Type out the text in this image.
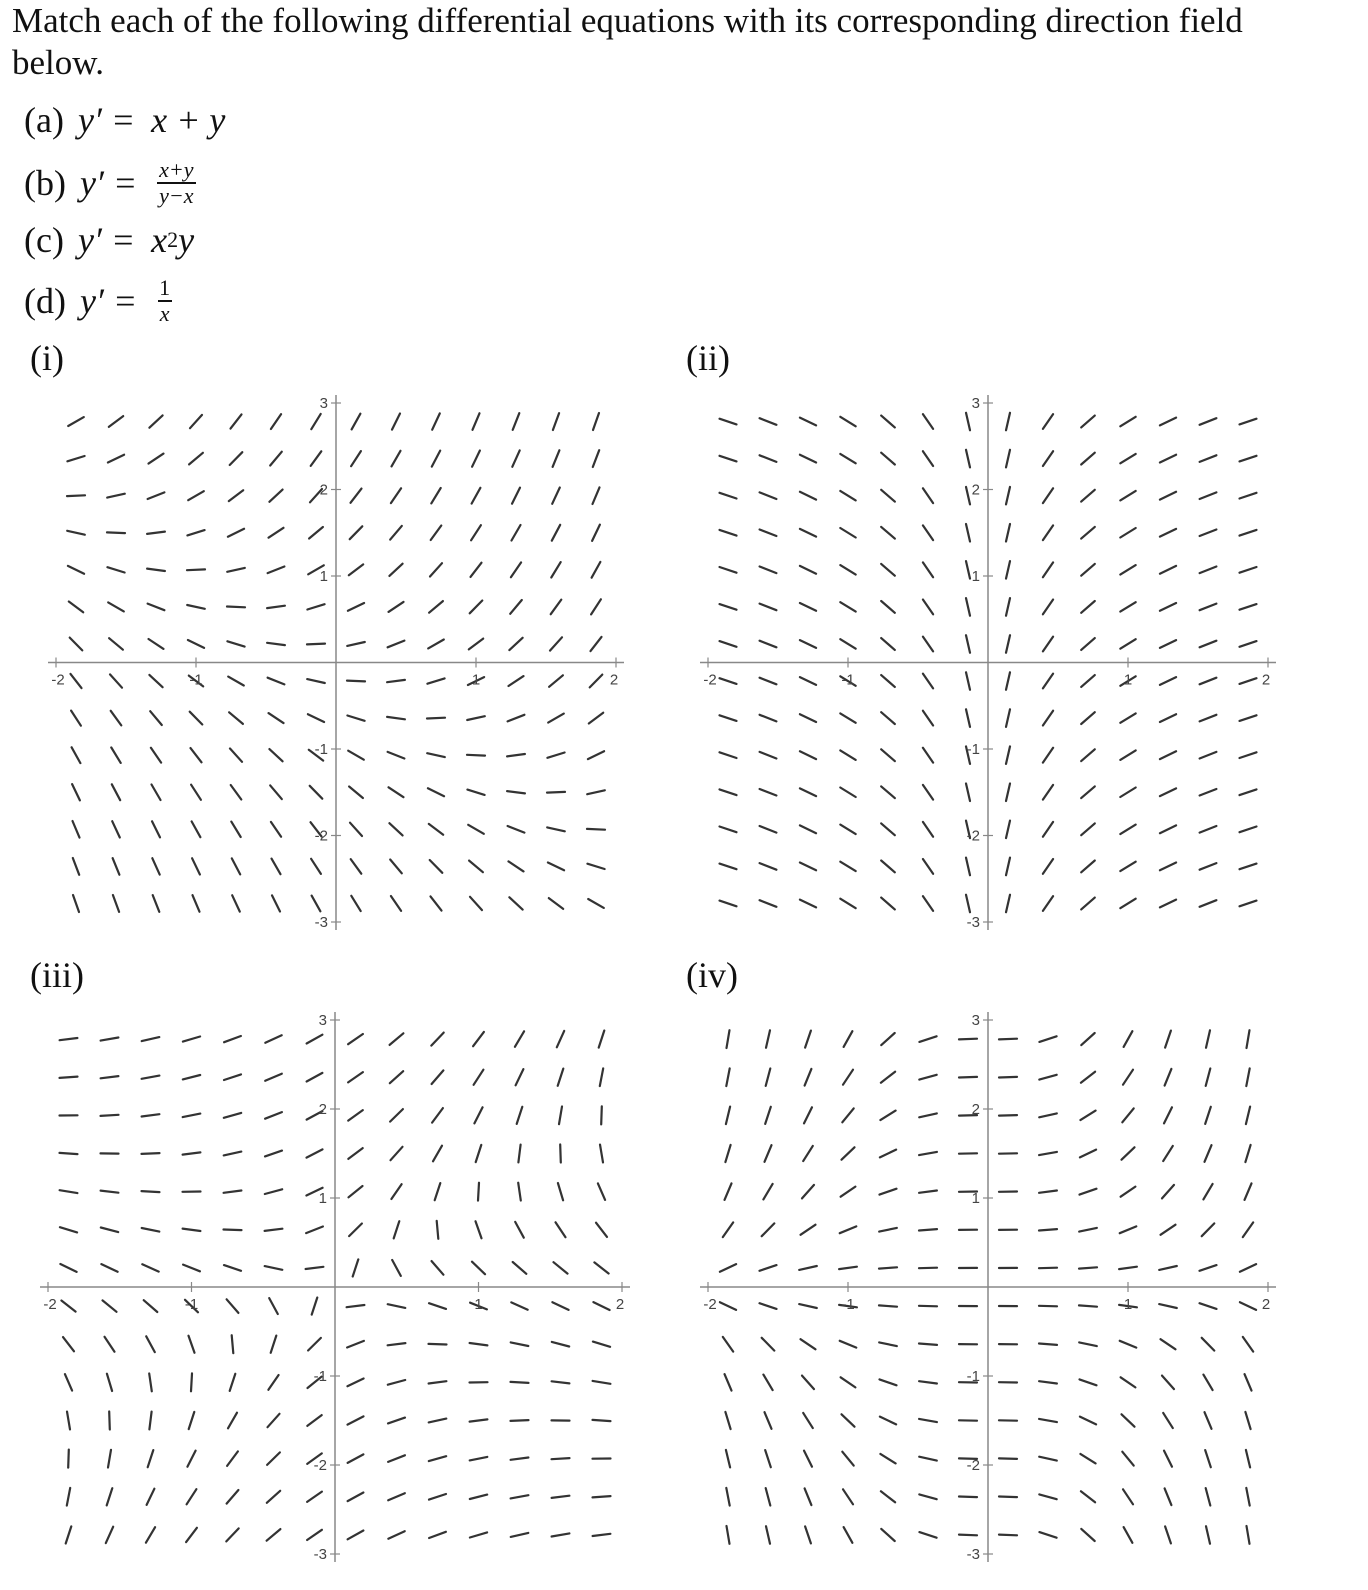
Match each of the following differential equations with its corresponding direction field below.
(a) y′ = x + y
(b) $y' = \frac{x+y}{y-x}$
(c) y′ = x 2 y
(d) $y' = \frac{1}{x}$
(i)	(ii)
(iii)	(iv)
-2	-1	1	2
3
2
1
-1
-2
-3
-2	-1	1	2
3
2
1
-1
-2
-3
-2	-1	1	2
3
2
1
-1
-2
-3
-2	-1	1	2
3
2
1
-1
-2
-3
